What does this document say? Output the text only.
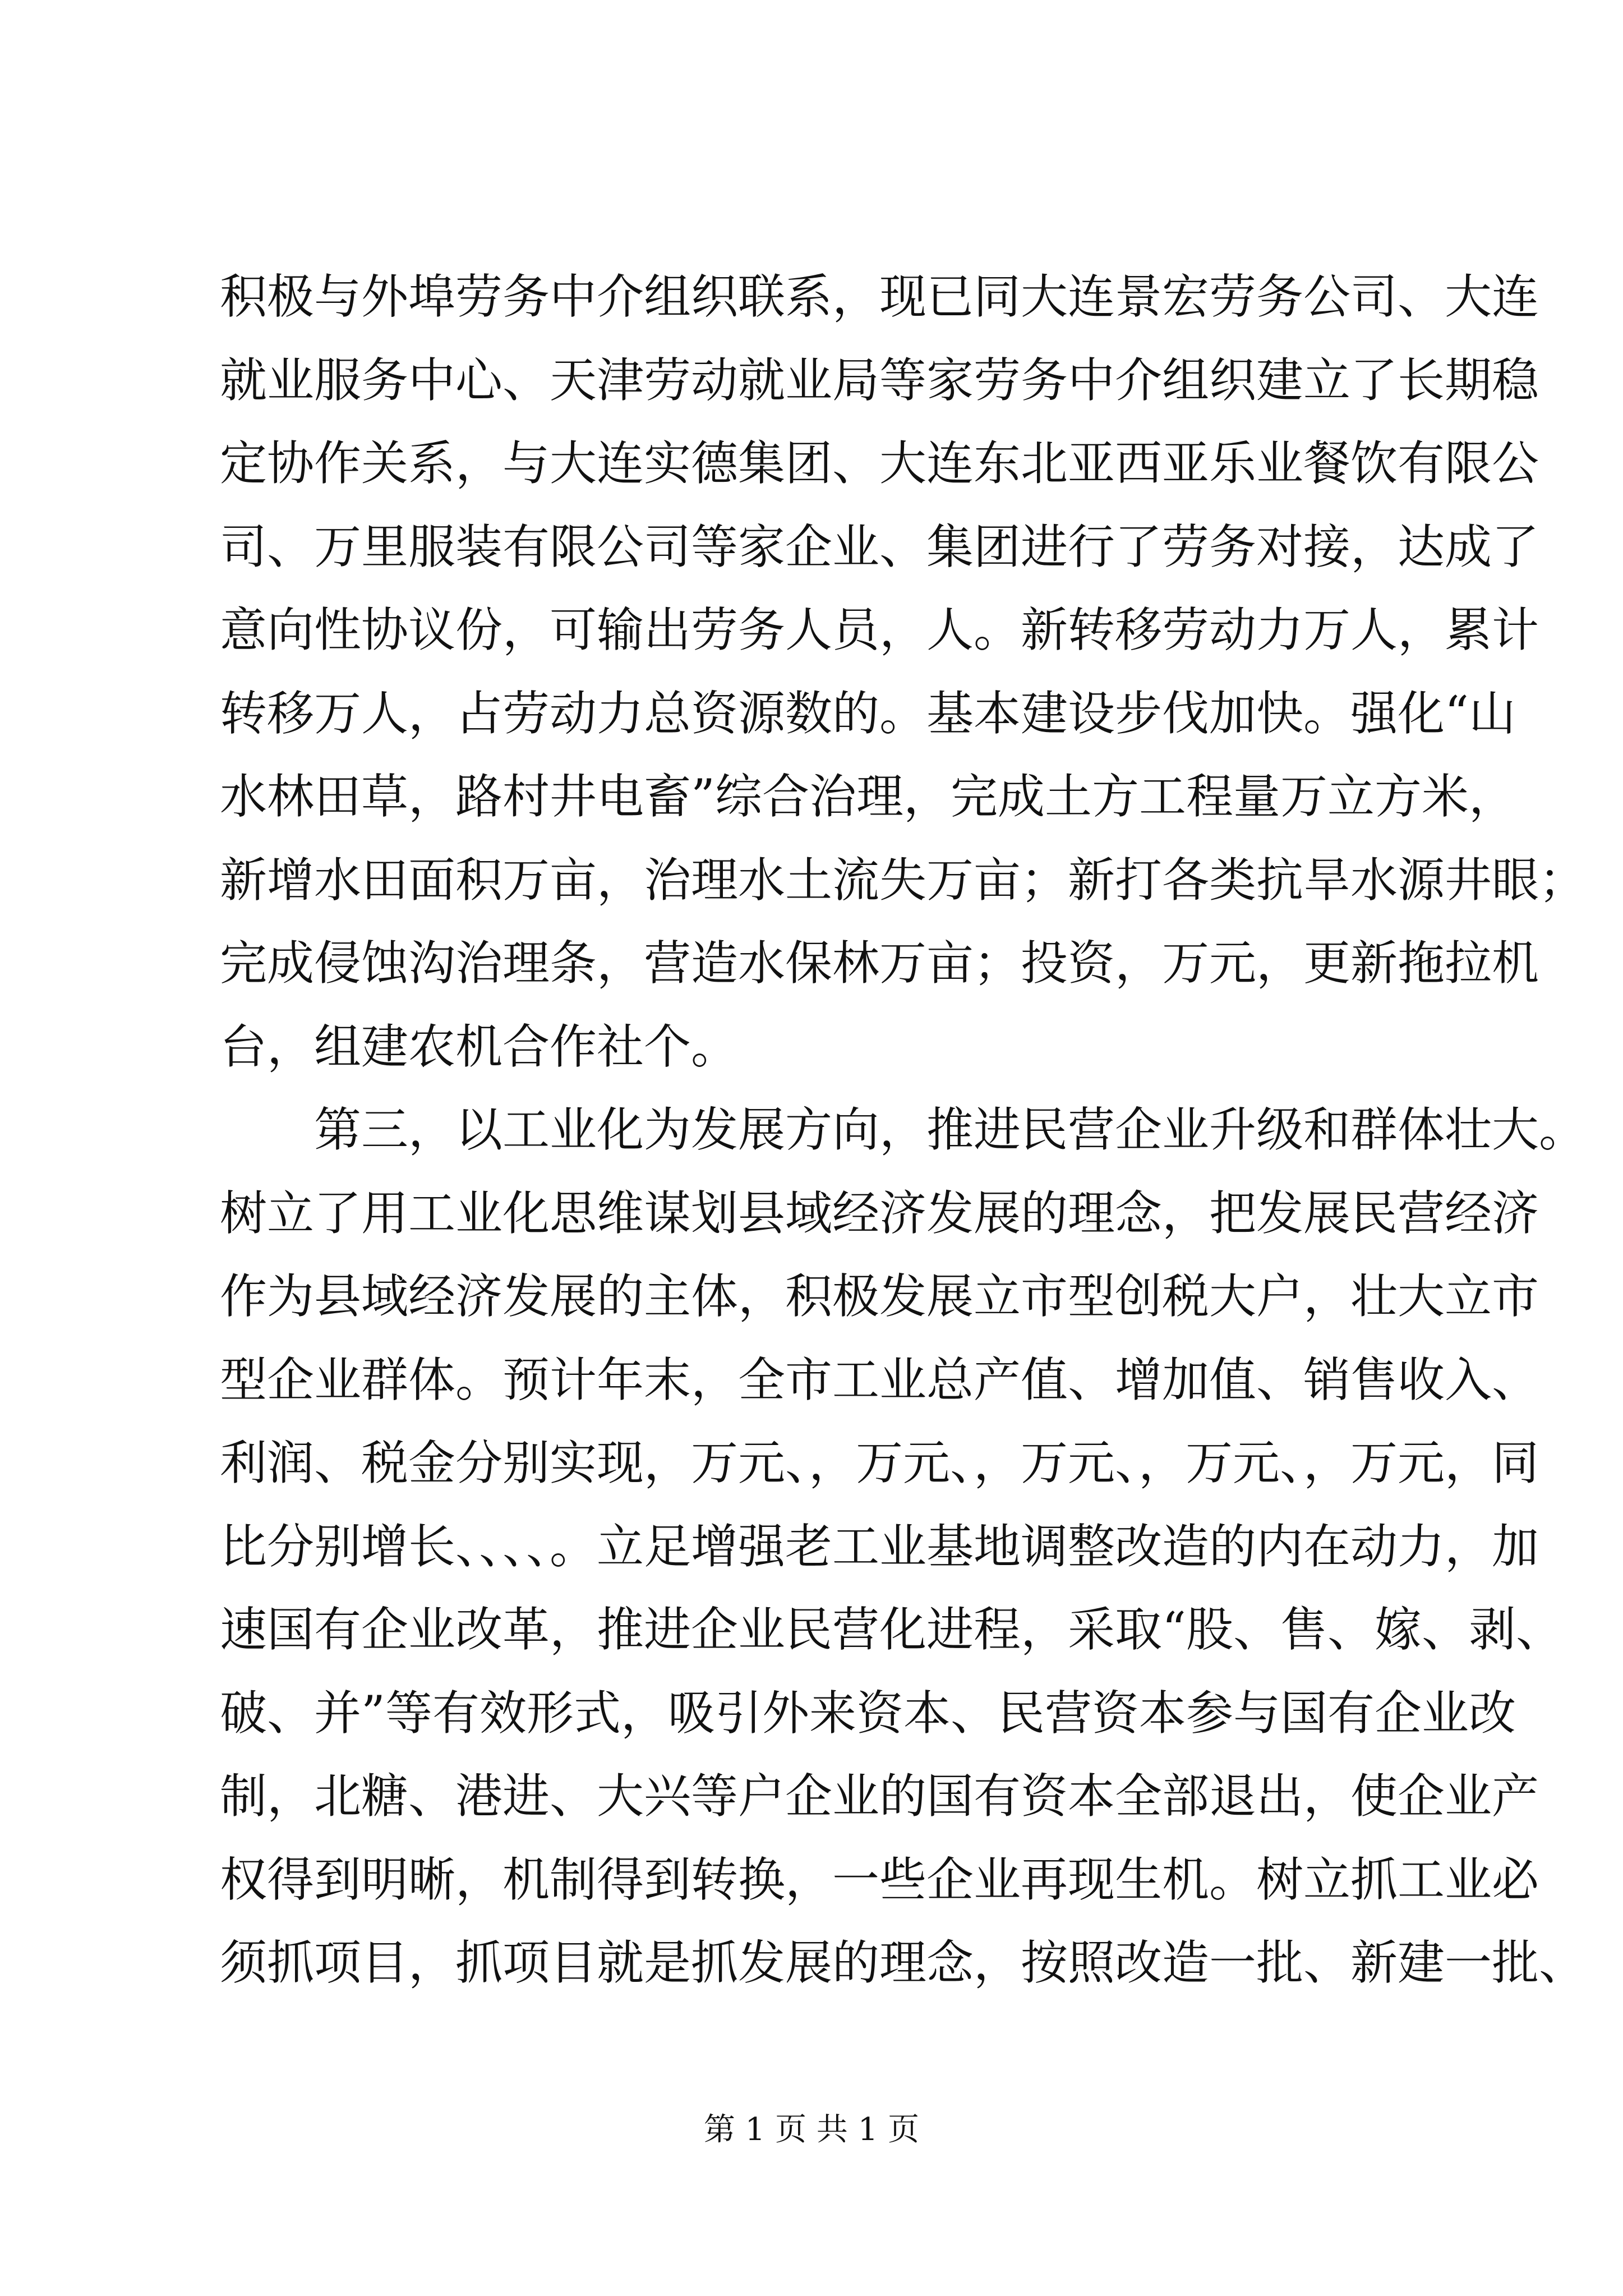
积极与外埠劳务中介组织联系，现已同大连景宏劳务公司、大连
就业服务中心、天津劳动就业局等家劳务中介组织建立了长期稳
定协作关系，与大连实德集团、大连东北亚西亚乐业餐饮有限公
司、万里服装有限公司等家企业、集团进行了劳务对接，达成了
意向性协议份，可输出劳务人员，人。新转移劳动力万人，累计
转移万人，占劳动力总资源数的。基本建设步伐加快。强化“山
水林田草，路村井电畜”综合治理，完成土方工程量万立方米，
新增水田面积万亩，治理水土流失万亩；新打各类抗旱水源井眼；
完成侵蚀沟治理条，营造水保林万亩；投资，万元，更新拖拉机
台，组建农机合作社个。
第三，以工业化为发展方向，推进民营企业升级和群体壮大。
树立了用工业化思维谋划县域经济发展的理念，把发展民营经济
作为县域经济发展的主体，积极发展立市型创税大户，壮大立市
型企业群体。预计年末，全市工业总产值、增加值、销售收入、
利润、税金分别实现，万元、，万元、，万元、，万元、，万元，同
比分别增长、、、、。立足增强老工业基地调整改造的内在动力，加
速国有企业改革，推进企业民营化进程，采取“股、售、嫁、剥、
破、并”等有效形式，吸引外来资本、民营资本参与国有企业改
制，北糖、港进、大兴等户企业的国有资本全部退出，使企业产
权得到明晰，机制得到转换，一些企业再现生机。树立抓工业必
须抓项目，抓项目就是抓发展的理念，按照改造一批、新建一批、
第 1 页 共 1 页
